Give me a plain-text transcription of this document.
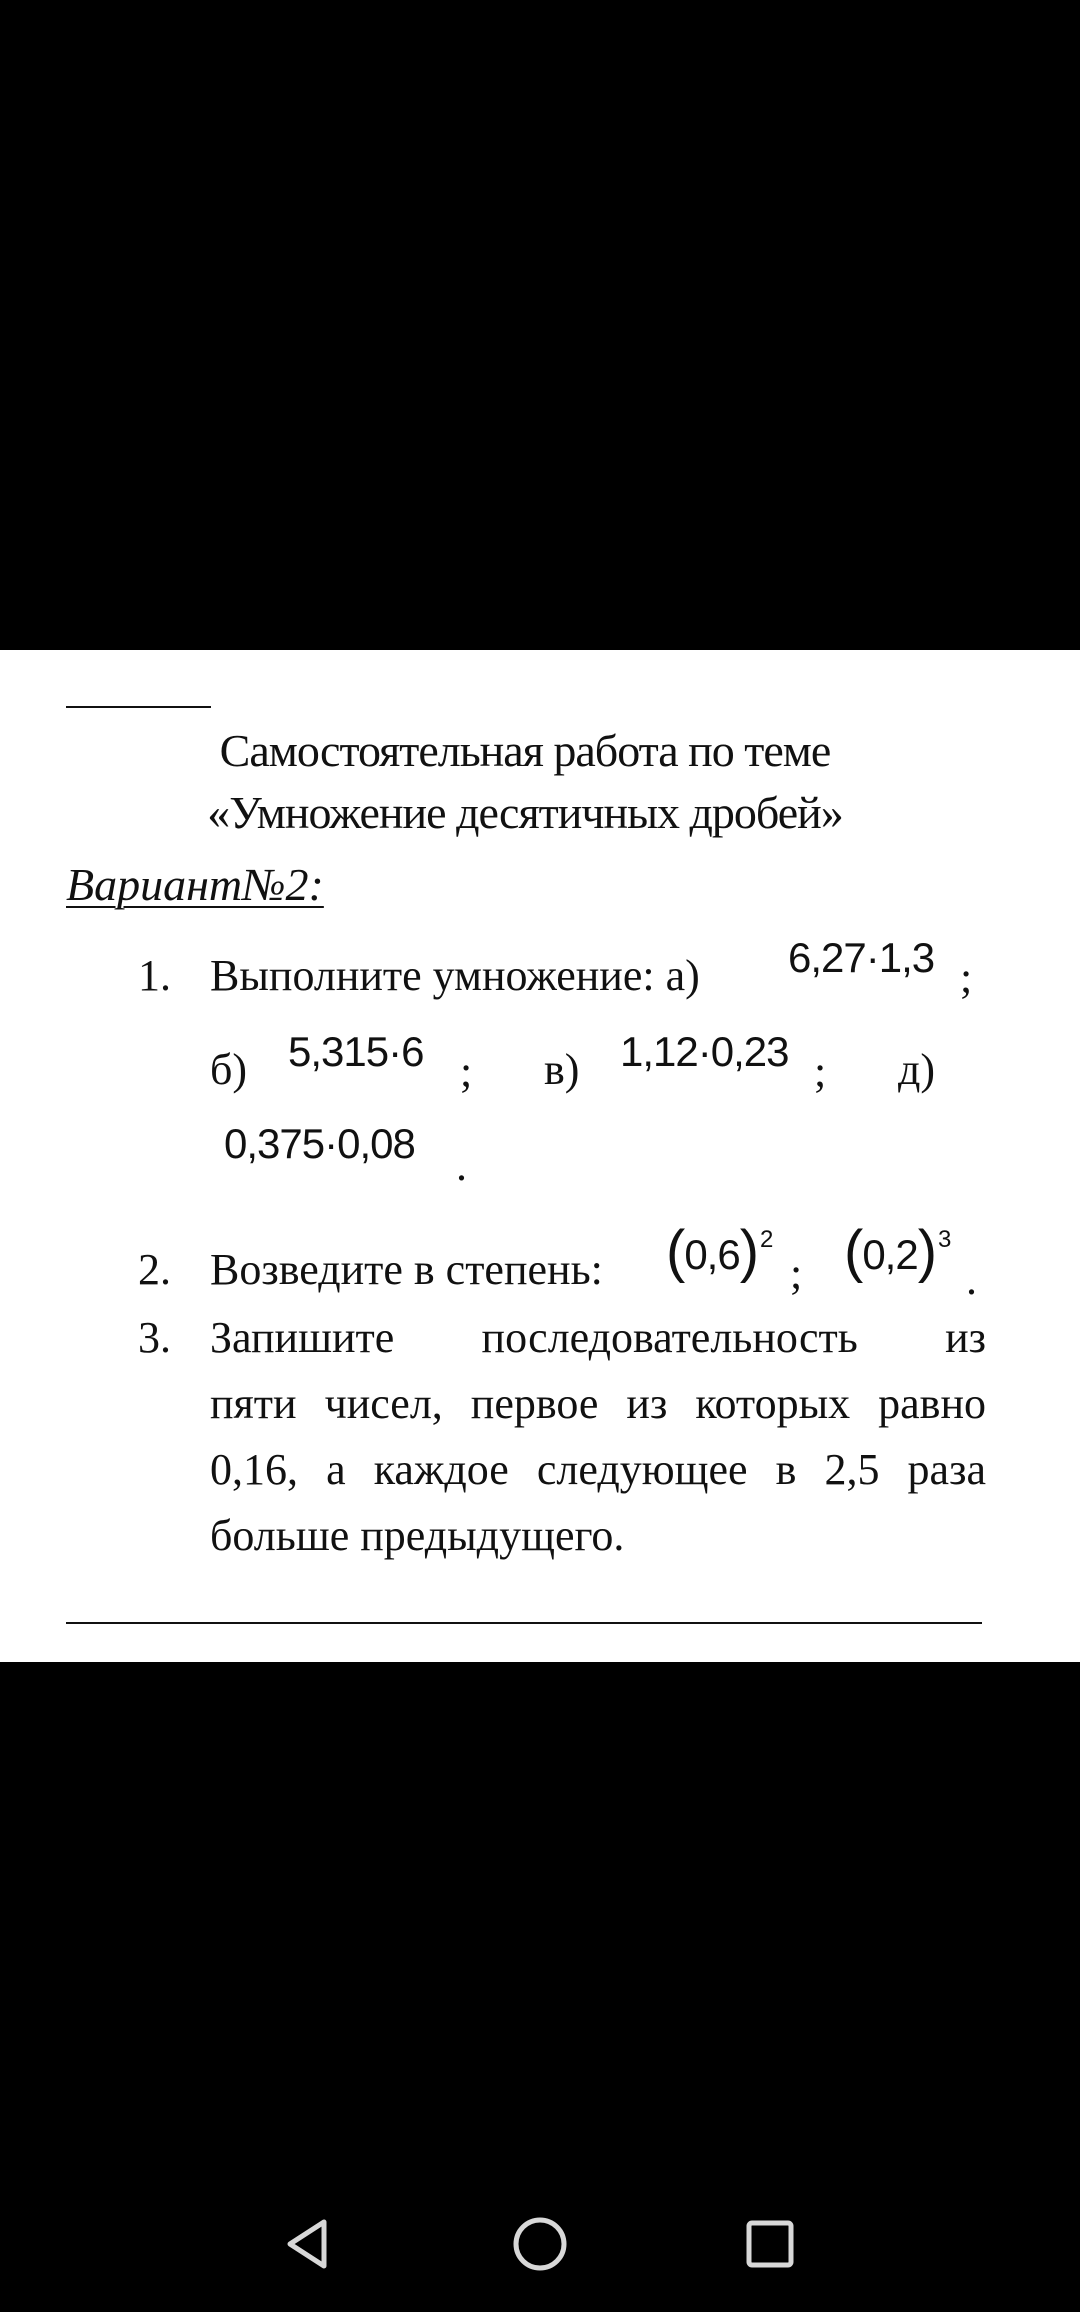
Самостоятельная работа по теме
«Умножение десятичных дробей»
Вариант№2:
1. Выполните умножение: а) 6,27·1,3 ;
б) 5,315·6 ; в) 1,12·0,23 ; д)
0,375·0,08 .
2. Возведите в степень: $(0,6)^2$
; $(0,2)^3$
.
3. Запишите последовательность из
пяти чисел, первое из которых равно
0,16, а каждое следующее в 2,5 раза
больше предыдущего.
